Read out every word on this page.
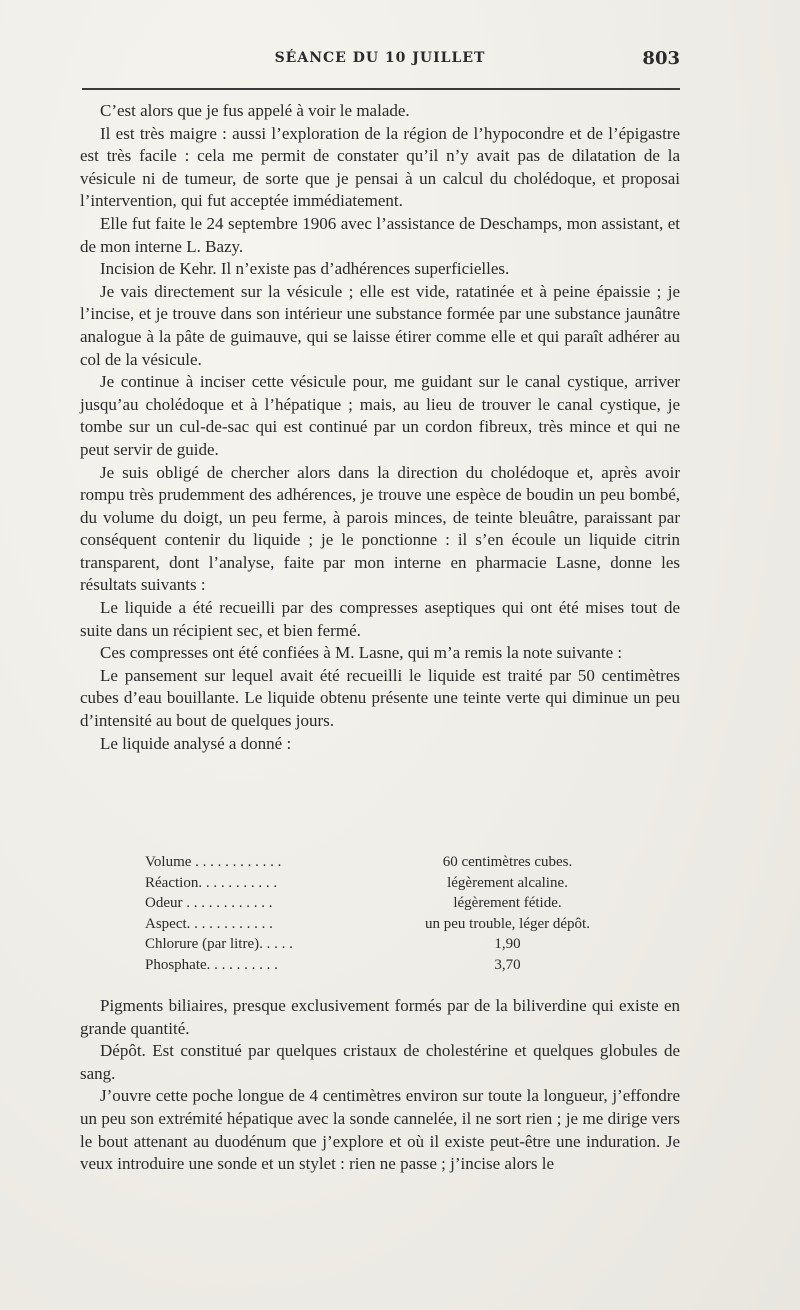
SÉANCE DU 10 JUILLET	803

C’est alors que je fus appelé à voir le malade.

Il est très maigre : aussi l’exploration de la région de l’hypocondre et de l’épigastre est très facile : cela me permit de constater qu’il n’y avait pas de dilatation de la vésicule ni de tumeur, de sorte que je pensai à un calcul du cholédoque, et proposai l’intervention, qui fut acceptée immédiatement.

Elle fut faite le 24 septembre 1906 avec l’assistance de Deschamps, mon assistant, et de mon interne L. Bazy.

Incision de Kehr. Il n’existe pas d’adhérences superficielles.

Je vais directement sur la vésicule ; elle est vide, ratatinée et à peine épaissie ; je l’incise, et je trouve dans son intérieur une substance formée par une substance jaunâtre analogue à la pâte de guimauve, qui se laisse étirer comme elle et qui paraît adhérer au col de la vésicule.

Je continue à inciser cette vésicule pour, me guidant sur le canal cystique, arriver jusqu’au cholédoque et à l’hépatique ; mais, au lieu de trouver le canal cystique, je tombe sur un cul-de-sac qui est continué par un cordon fibreux, très mince et qui ne peut servir de guide.

Je suis obligé de chercher alors dans la direction du cholédoque et, après avoir rompu très prudemment des adhérences, je trouve une espèce de boudin un peu bombé, du volume du doigt, un peu ferme, à parois minces, de teinte bleuâtre, paraissant par conséquent contenir du liquide ; je le ponctionne : il s’en écoule un liquide citrin transparent, dont l’analyse, faite par mon interne en pharmacie Lasne, donne les résultats suivants :

Le liquide a été recueilli par des compresses aseptiques qui ont été mises tout de suite dans un récipient sec, et bien fermé.

Ces compresses ont été confiées à M. Lasne, qui m’a remis la note suivante :

Le pansement sur lequel avait été recueilli le liquide est traité par 50 centimètres cubes d’eau bouillante. Le liquide obtenu présente une teinte verte qui diminue un peu d’intensité au bout de quelques jours.

Le liquide analysé a donné :

Volume . . . . . . . . . . . .	60 centimètres cubes.
Réaction. . . . . . . . . . .	légèrement alcaline.
Odeur . . . . . . . . . . . .	légèrement fétide.
Aspect. . . . . . . . . . . .	un peu trouble, léger dépôt.
Chlorure (par litre). . . . .	1,90
Phosphate. . . . . . . . . .	3,70

Pigments biliaires, presque exclusivement formés par de la biliverdine qui existe en grande quantité.

Dépôt. Est constitué par quelques cristaux de cholestérine et quelques globules de sang.

J’ouvre cette poche longue de 4 centimètres environ sur toute la longueur, j’effondre un peu son extrémité hépatique avec la sonde cannelée, il ne sort rien ; je me dirige vers le bout attenant au duodénum que j’explore et où il existe peut-être une induration. Je veux introduire une sonde et un stylet : rien ne passe ; j’incise alors le
